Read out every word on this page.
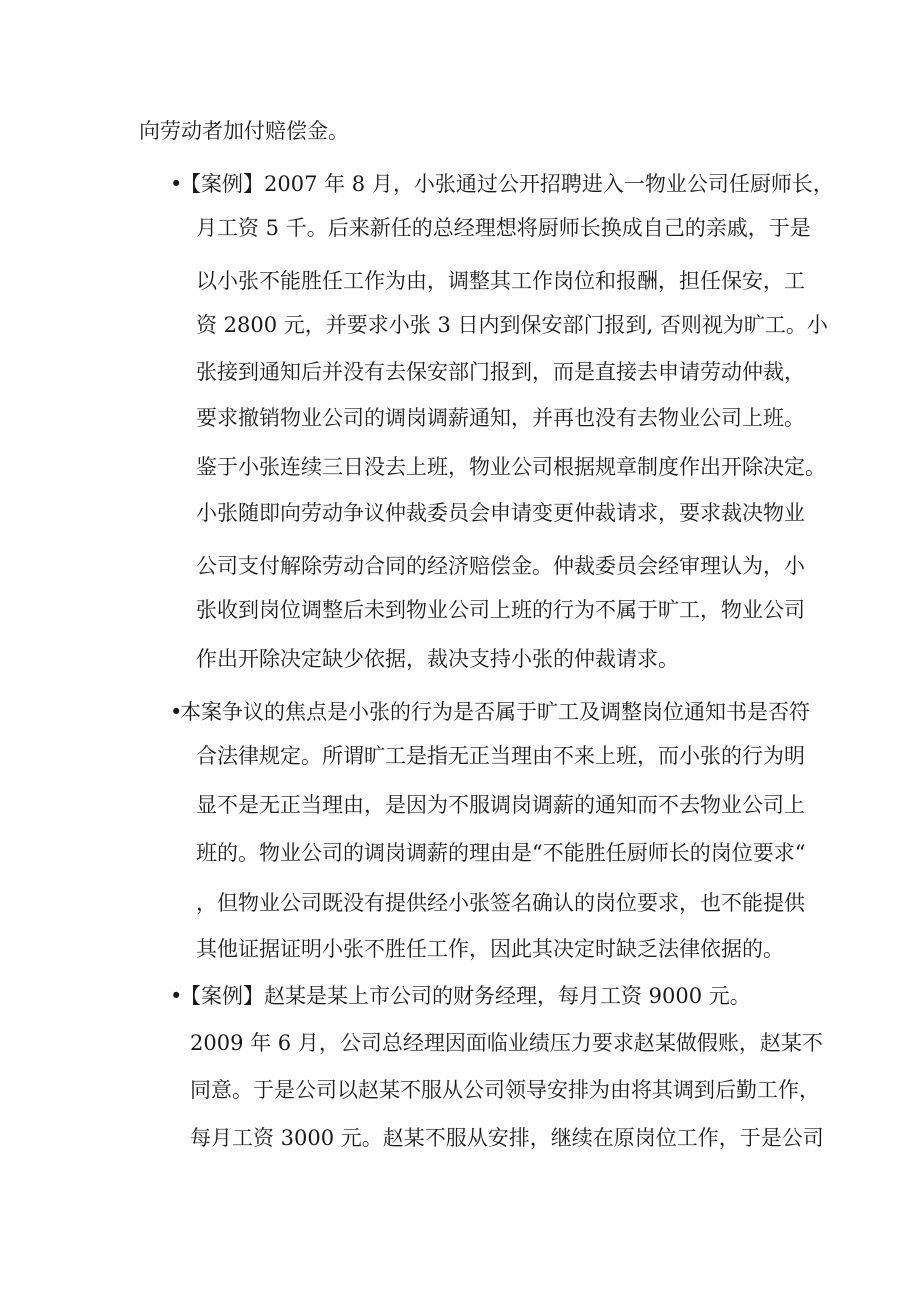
向劳动者加付赔偿金。
•【案例】2007 年 8 月，小张通过公开招聘进入一物业公司任厨师长，
月工资 5 千。后来新任的总经理想将厨师长换成自己的亲戚，于是
以小张不能胜任工作为由，调整其工作岗位和报酬，担任保安，工
资 2800 元，并要求小张 3 日内到保安部门报到, 否则视为旷工。小
张接到通知后并没有去保安部门报到，而是直接去申请劳动仲裁，
要求撤销物业公司的调岗调薪通知，并再也没有去物业公司上班。
鉴于小张连续三日没去上班，物业公司根据规章制度作出开除决定。
小张随即向劳动争议仲裁委员会申请变更仲裁请求，要求裁决物业
公司支付解除劳动合同的经济赔偿金。仲裁委员会经审理认为，小
张收到岗位调整后未到物业公司上班的行为不属于旷工，物业公司
作出开除决定缺少依据，裁决支持小张的仲裁请求。
•本案争议的焦点是小张的行为是否属于旷工及调整岗位通知书是否符
合法律规定。所谓旷工是指无正当理由不来上班，而小张的行为明
显不是无正当理由，是因为不服调岗调薪的通知而不去物业公司上
班的。物业公司的调岗调薪的理由是“不能胜任厨师长的岗位要求“
，但物业公司既没有提供经小张签名确认的岗位要求，也不能提供
其他证据证明小张不胜任工作，因此其决定时缺乏法律依据的。
•【案例】赵某是某上市公司的财务经理，每月工资 9000 元。
2009 年 6 月，公司总经理因面临业绩压力要求赵某做假账，赵某不
同意。于是公司以赵某不服从公司领导安排为由将其调到后勤工作，
每月工资 3000 元。赵某不服从安排，继续在原岗位工作，于是公司
